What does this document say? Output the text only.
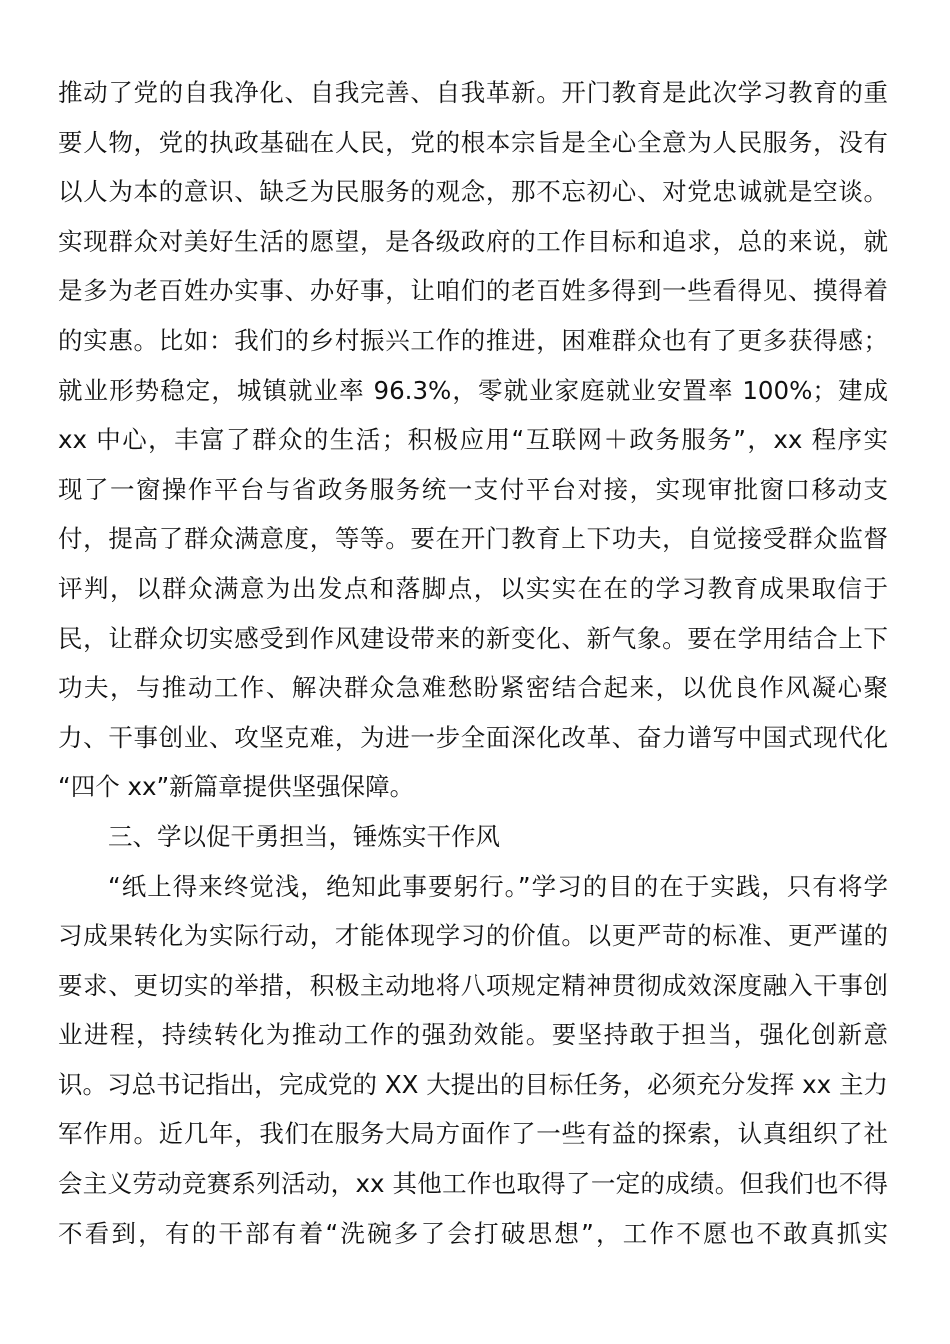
推动了党的自我净化、自我完善、自我革新。开门教育是此次学习教育的重
要人物，党的执政基础在人民，党的根本宗旨是全心全意为人民服务，没有
以人为本的意识、缺乏为民服务的观念，那不忘初心、对党忠诚就是空谈。
实现群众对美好生活的愿望，是各级政府的工作目标和追求，总的来说，就
是多为老百姓办实事、办好事，让咱们的老百姓多得到一些看得见、摸得着
的实惠。比如：我们的乡村振兴工作的推进，困难群众也有了更多获得感；
就业形势稳定，城镇就业率 96.3%，零就业家庭就业安置率 100%；建成
xx 中心，丰富了群众的生活；积极应用“互联网＋政务服务”，xx 程序实
现了一窗操作平台与省政务服务统一支付平台对接，实现审批窗口移动支
付，提高了群众满意度，等等。要在开门教育上下功夫，自觉接受群众监督
评判，以群众满意为出发点和落脚点，以实实在在的学习教育成果取信于
民，让群众切实感受到作风建设带来的新变化、新气象。要在学用结合上下
功夫，与推动工作、解决群众急难愁盼紧密结合起来，以优良作风凝心聚
力、干事创业、攻坚克难，为进一步全面深化改革、奋力谱写中国式现代化
“四个 xx”新篇章提供坚强保障。
三、学以促干勇担当，锤炼实干作风
“纸上得来终觉浅，绝知此事要躬行。”学习的目的在于实践，只有将学
习成果转化为实际行动，才能体现学习的价值。以更严苛的标准、更严谨的
要求、更切实的举措，积极主动地将八项规定精神贯彻成效深度融入干事创
业进程，持续转化为推动工作的强劲效能。要坚持敢于担当，强化创新意
识。习总书记指出，完成党的 XX 大提出的目标任务，必须充分发挥 xx 主力
军作用。近几年，我们在服务大局方面作了一些有益的探索，认真组织了社
会主义劳动竞赛系列活动，xx 其他工作也取得了一定的成绩。但我们也不得
不看到，有的干部有着“洗碗多了会打破思想”，工作不愿也不敢真抓实
